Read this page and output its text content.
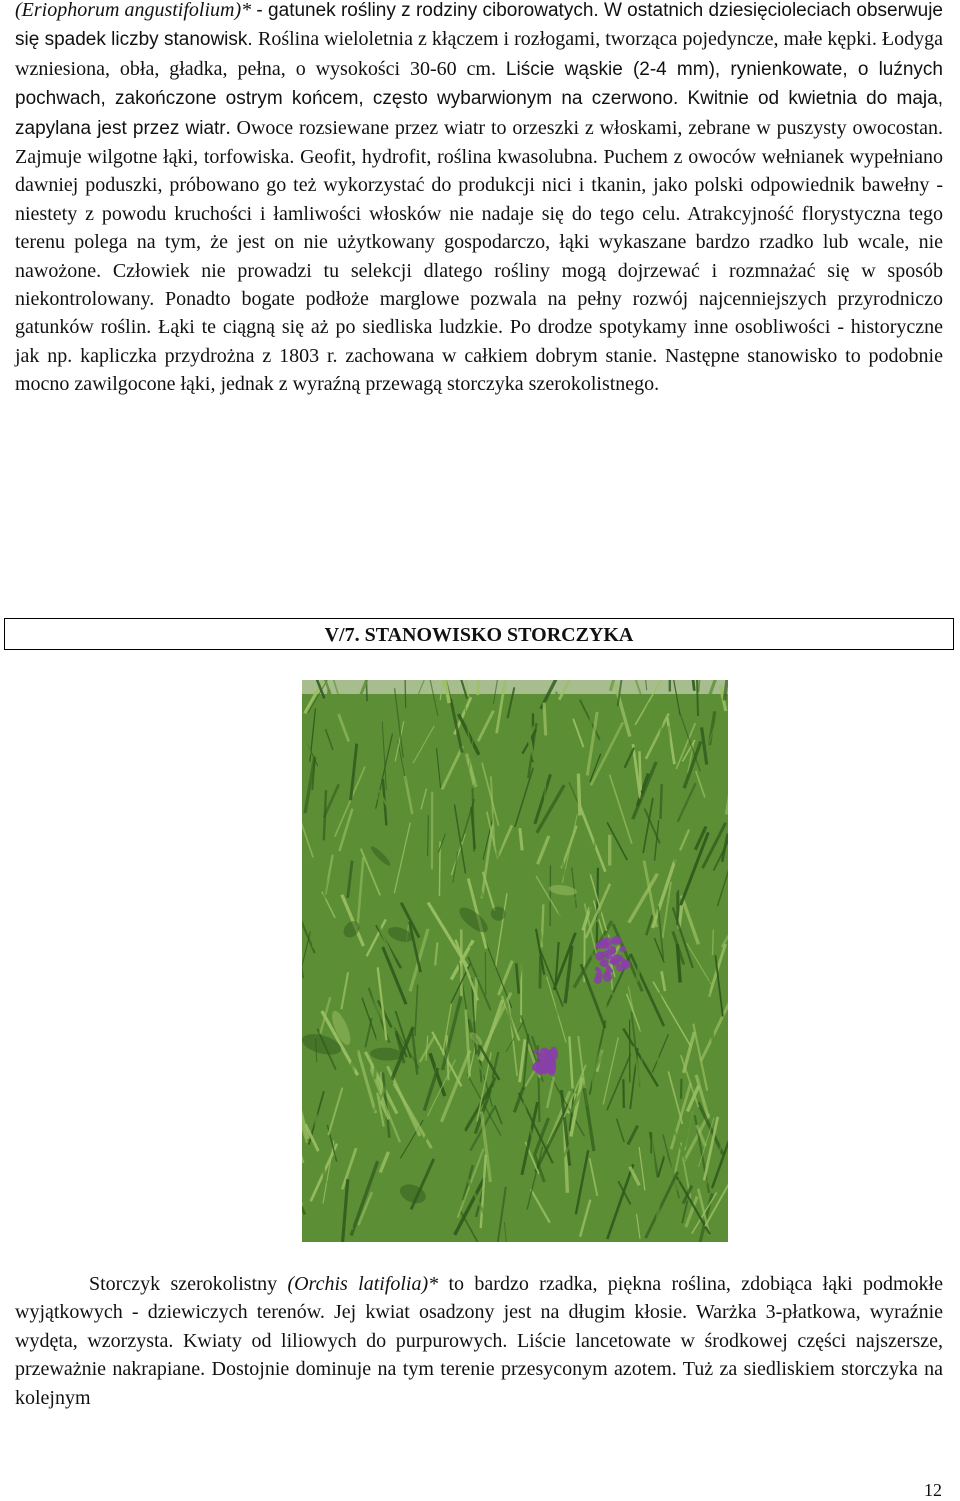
(Eriophorum angustifolium)* - gatunek rośliny z rodziny ciborowatych. W ostatnich dziesięcioleciach obserwuje się spadek liczby stanowisk. Roślina wieloletnia z kłączem i rozłogami, tworząca pojedyncze, małe kępki. Łodyga wzniesiona, obła, gładka, pełna, o wysokości 30-60 cm. Liście wąskie (2-4 mm), rynienkowate, o luźnych pochwach, zakończone ostrym końcem, często wybarwionym na czerwono. Kwitnie od kwietnia do maja, zapylana jest przez wiatr. Owoce rozsiewane przez wiatr to orzeszki z włoskami, zebrane w puszysty owocostan. Zajmuje wilgotne łąki, torfowiska. Geofit, hydrofit, roślina kwasolubna. Puchem z owoców wełnianek wypełniano dawniej poduszki, próbowano go też wykorzystać do produkcji nici i tkanin, jako polski odpowiednik bawełny - niestety z powodu kruchości i łamliwości włosków nie nadaje się do tego celu. Atrakcyjność florystyczna tego terenu polega na tym, że jest on nie użytkowany gospodarczo, łąki wykaszane bardzo rzadko lub wcale, nie nawożone. Człowiek nie prowadzi tu selekcji dlatego rośliny mogą dojrzewać i rozmnażać się w sposób niekontrolowany. Ponadto bogate podłoże marglowe pozwala na pełny rozwój najcenniejszych przyrodniczo gatunków roślin. Łąki te ciągną się aż po siedliska ludzkie. Po drodze spotykamy inne osobliwości - historyczne jak np. kapliczka przydrożna z 1803 r. zachowana w całkiem dobrym stanie. Następne stanowisko to podobnie mocno zawilgocone łąki, jednak z wyraźną przewagą storczyka szerokolistnego.

V/7. STANOWISKO STORCZYKA

Storczyk szerokolistny (Orchis latifolia)* to bardzo rzadka, piękna roślina, zdobiąca łąki podmokłe wyjątkowych - dziewiczych terenów. Jej kwiat osadzony jest na długim kłosie. Warżka 3-płatkowa, wyraźnie wydęta, wzorzysta. Kwiaty od liliowych do purpurowych. Liście lancetowate w środkowej części najszersze, przeważnie nakrapiane. Dostojnie dominuje na tym terenie przesyconym azotem. Tuż za siedliskiem storczyka na kolejnym

12
